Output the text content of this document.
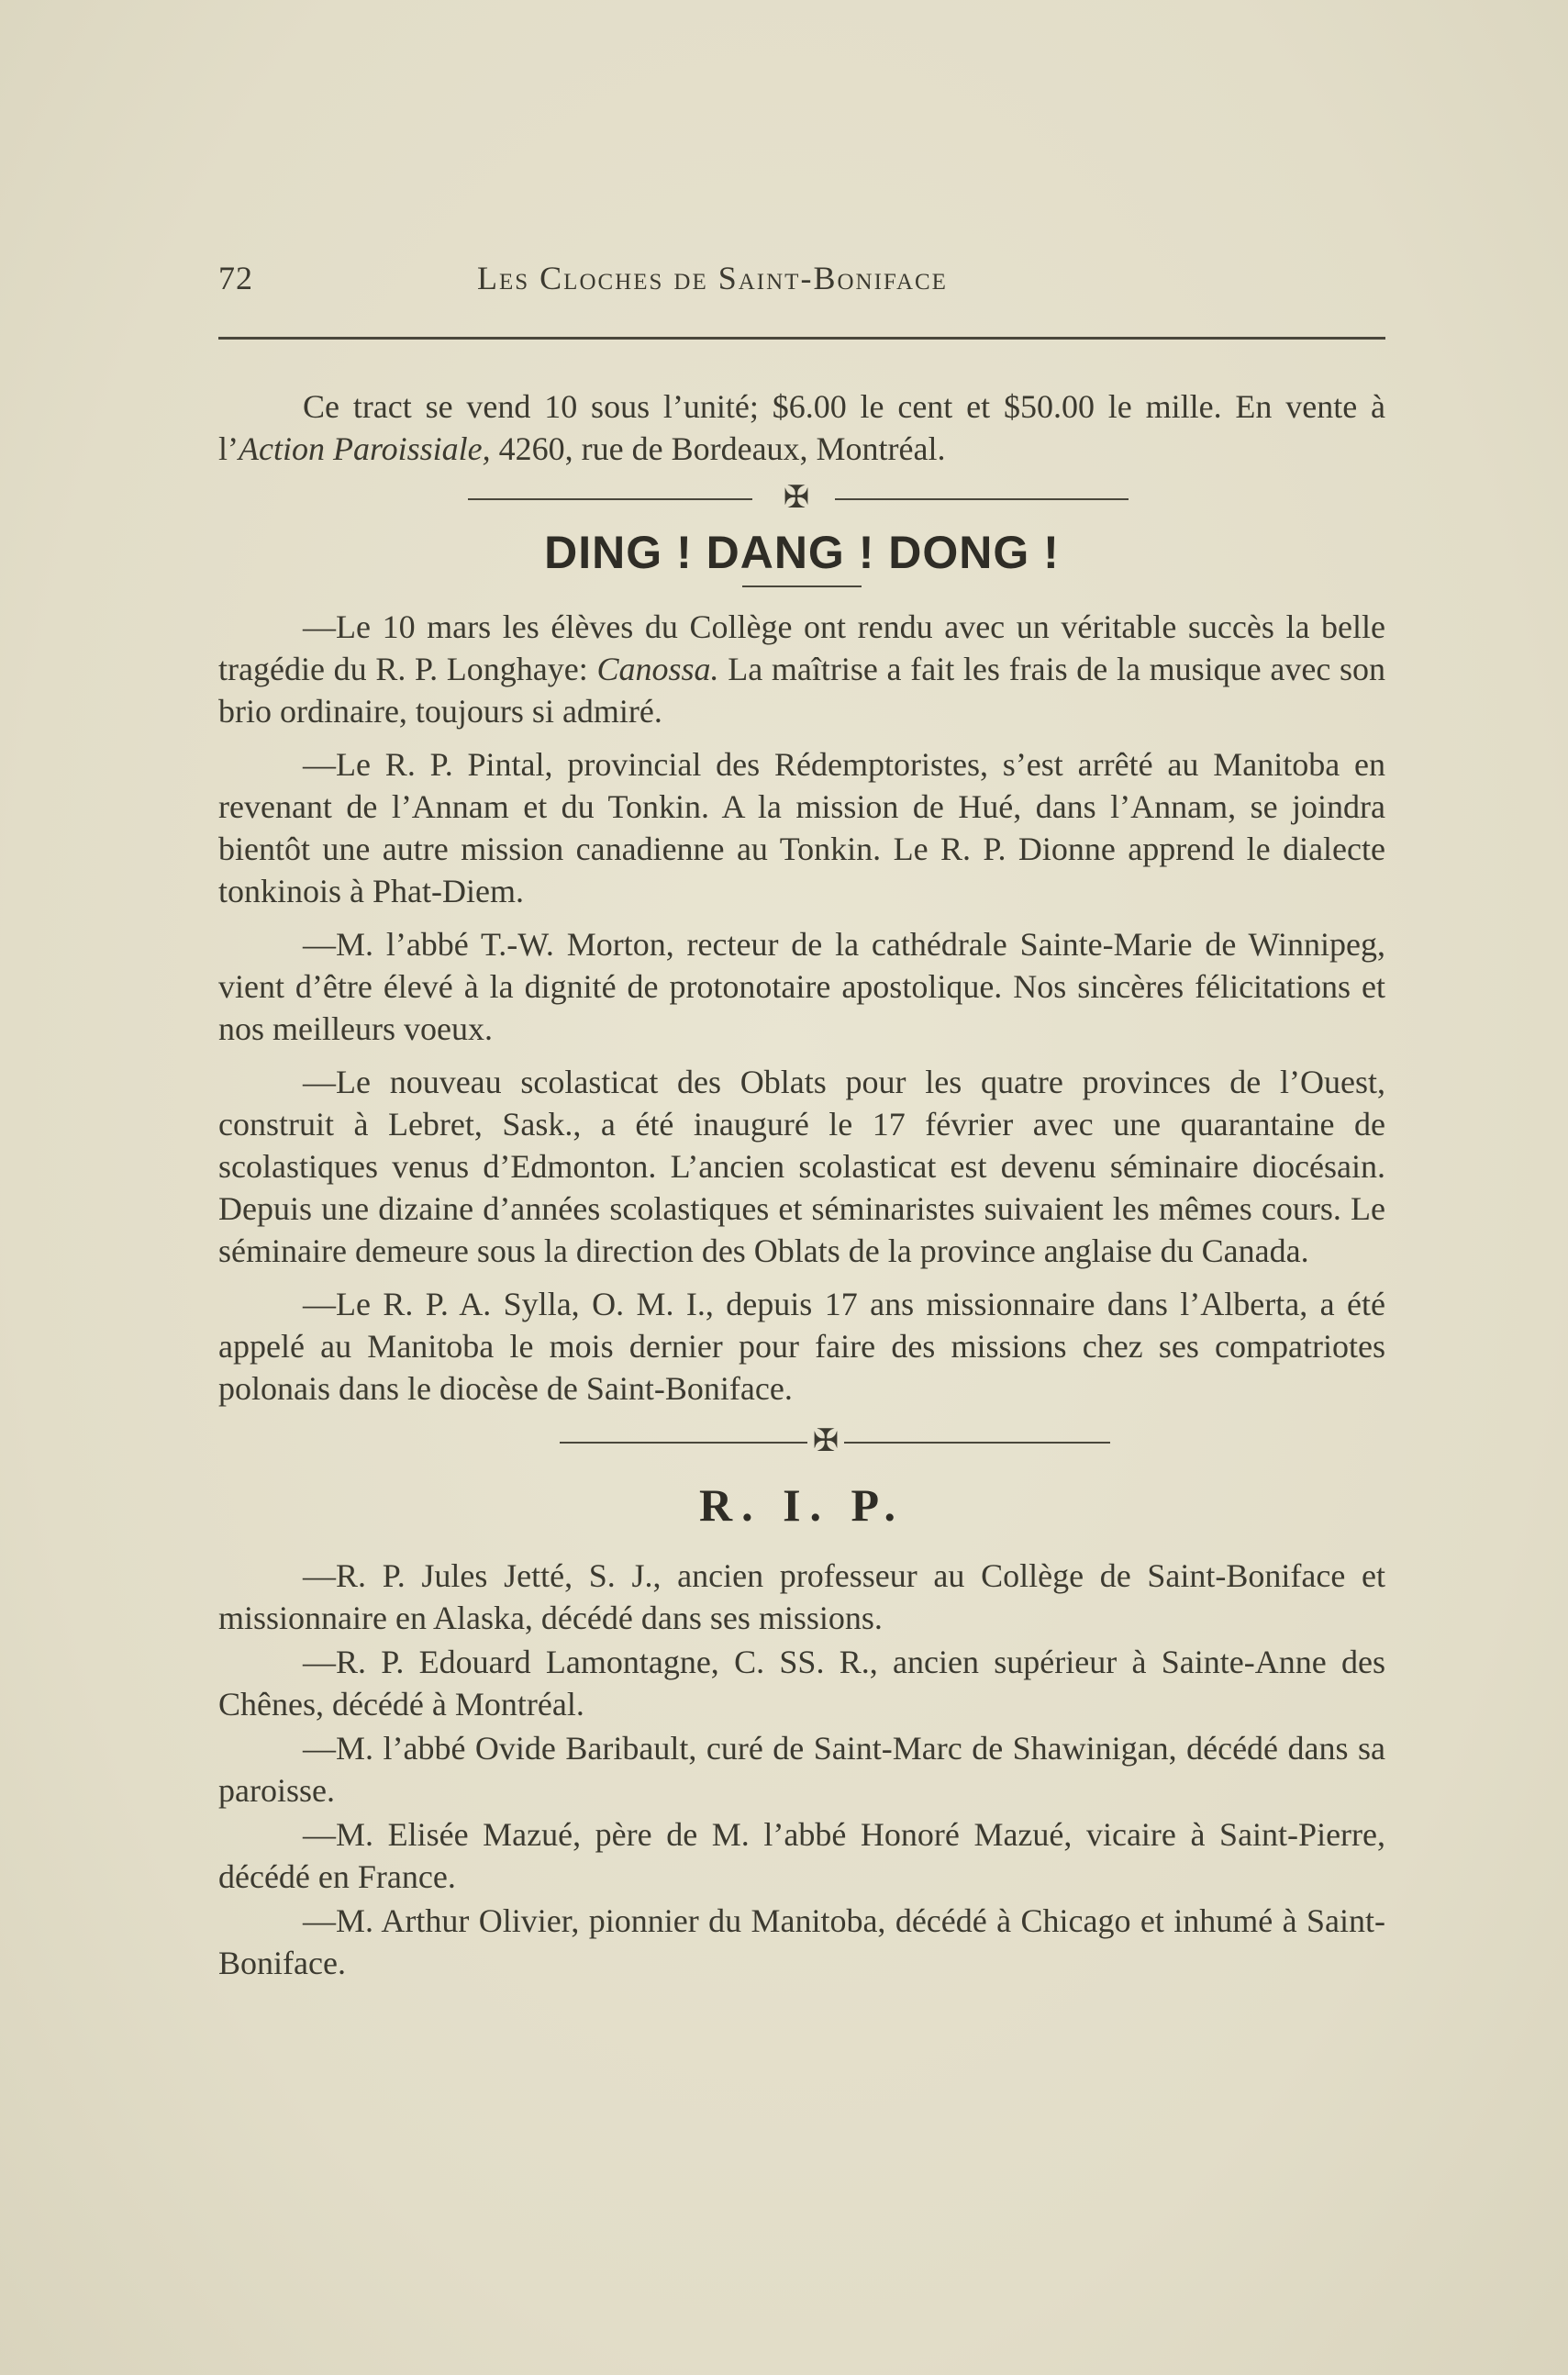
72	Les Cloches de Saint-Boniface

Ce tract se vend 10 sous l’unité; $6.00 le cent et $50.00 le mille. En vente à l’Action Paroissiale, 4260, rue de Bordeaux, Montréal.

✠
DING ! DANG ! DONG !

—Le 10 mars les élèves du Collège ont rendu avec un véritable succès la belle tragédie du R. P. Longhaye: Canossa. La maîtrise a fait les frais de la musique avec son brio ordinaire, toujours si admiré.

—Le R. P. Pintal, provincial des Rédemptoristes, s’est arrêté au Manitoba en revenant de l’Annam et du Tonkin. A la mission de Hué, dans l’Annam, se joindra bientôt une autre mission canadienne au Tonkin. Le R. P. Dionne apprend le dialecte tonkinois à Phat-Diem.

—M. l’abbé T.-W. Morton, recteur de la cathédrale Sainte-Marie de Winnipeg, vient d’être élevé à la dignité de protonotaire apostolique. Nos sincères félicitations et nos meilleurs voeux.

—Le nouveau scolasticat des Oblats pour les quatre provinces de l’Ouest, construit à Lebret, Sask., a été inauguré le 17 février avec une quarantaine de scolastiques venus d’Edmonton. L’ancien scolasticat est devenu séminaire diocésain. Depuis une dizaine d’années scolastiques et séminaristes suivaient les mêmes cours. Le séminaire demeure sous la direction des Oblats de la province anglaise du Canada.

—Le R. P. A. Sylla, O. M. I., depuis 17 ans missionnaire dans l’Alberta, a été appelé au Manitoba le mois dernier pour faire des missions chez ses compatriotes polonais dans le diocèse de Saint-Boniface.

✠
R. I. P.

—R. P. Jules Jetté, S. J., ancien professeur au Collège de Saint-Boniface et missionnaire en Alaska, décédé dans ses missions.

—R. P. Edouard Lamontagne, C. SS. R., ancien supérieur à Sainte-Anne des Chênes, décédé à Montréal.

—M. l’abbé Ovide Baribault, curé de Saint-Marc de Shawinigan, décédé dans sa paroisse.

—M. Elisée Mazué, père de M. l’abbé Honoré Mazué, vicaire à Saint-Pierre, décédé en France.

—M. Arthur Olivier, pionnier du Manitoba, décédé à Chicago et inhumé à Saint-Boniface.
